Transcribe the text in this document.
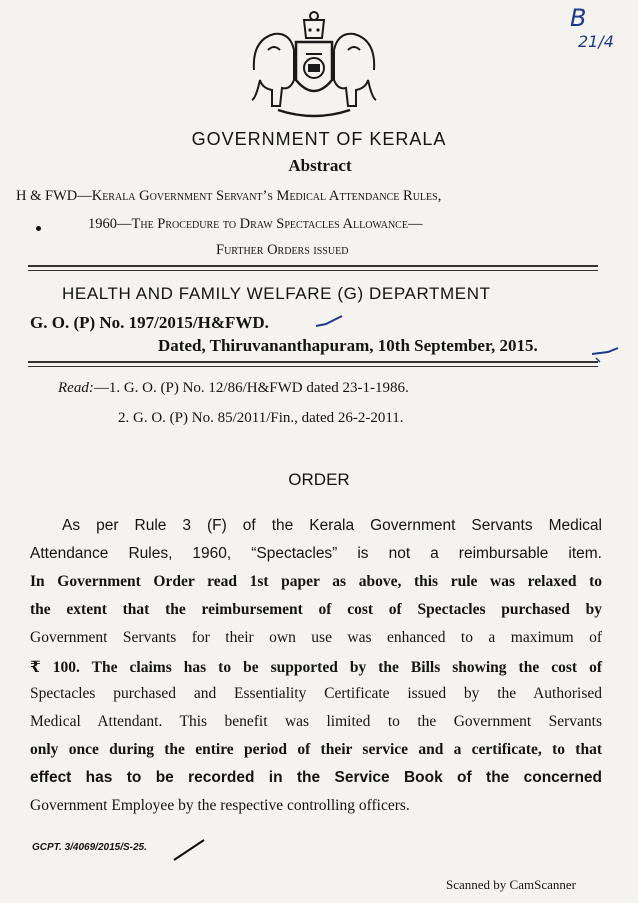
B
21/4
GOVERNMENT OF KERALA
Abstract
H & FWD—Kerala Government Servant’s Medical Attendance Rules,
1960—The Procedure to Draw Spectacles Allowance—
Further Orders issued
HEALTH AND FAMILY WELFARE (G) DEPARTMENT
G. O. (P) No. 197/2015/H&FWD.
Dated, Thiruvananthapuram, 10th September, 2015.
Read:—1. G. O. (P) No. 12/86/H&FWD dated 23-1-1986.
2. G. O. (P) No. 85/2011/Fin., dated 26-2-2011.
ORDER
As per Rule 3 (F) of the Kerala Government Servants Medical
Attendance Rules, 1960, “Spectacles” is not a reimbursable item.
In Government Order read 1st paper as above, this rule was relaxed to
the extent that the reimbursement of cost of Spectacles purchased by
Government Servants for their own use was enhanced to a maximum of
₹ 100. The claims has to be supported by the Bills showing the cost of
Spectacles purchased and Essentiality Certificate issued by the Authorised
Medical Attendant. This benefit was limited to the Government Servants
only once during the entire period of their service and a certificate, to that
effect has to be recorded in the Service Book of the concerned
Government Employee by the respective controlling officers.
GCPT. 3/4069/2015/S-25.
Scanned by CamScanner
